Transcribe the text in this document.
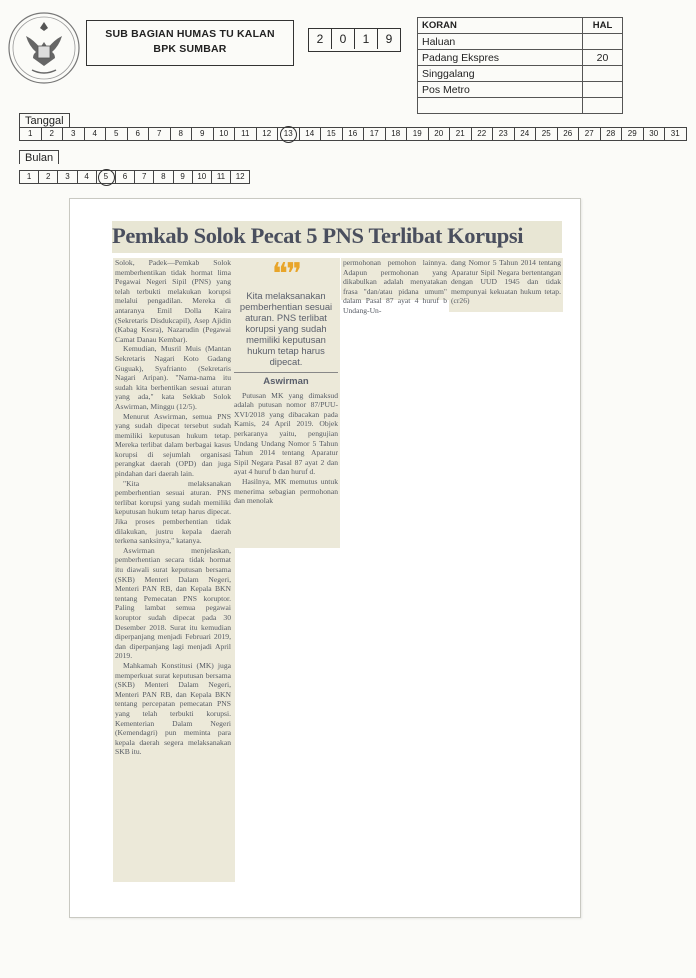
SUB BAGIAN HUMAS TU KALAN
BPK SUMBAR
2	0	1	9
KORAN	HAL
Haluan	
Padang Ekspres	20
Singgalang	
Pos Metro	

Tanggal
1	2	3	4	5	6	7	8	9	10	11	12	13	14	15	16	17	18	19	20	21	22	23	24	25	26	27	28	29	30	31
Bulan
1	2	3	4	5	6	7	8	9	10	11	12
Pemkab Solok Pecat 5 PNS Terlibat Korupsi

Solok, Padek—Pemkab Solok memberhentikan tidak hormat lima Pegawai Negeri Sipil (PNS) yang telah terbukti melakukan korupsi melalui pengadilan. Mereka di antaranya Emil Dolla Kaira (Sekretaris Disdukcapil), Asep Ajidin (Kabag Kesra), Nazarudin (Pegawai Camat Danau Kembar).

Kemudian, Musril Muis (Mantan Sekretaris Nagari Koto Gadang Guguak), Syafrianto (Sekretaris Nagari Aripan). "Nama-nama itu sudah kita berhentikan sesuai aturan yang ada," kata Sekkab Solok Aswirman, Minggu (12/5).

Menurut Aswirman, semua PNS yang sudah dipecat tersebut sudah memiliki keputusan hukum tetap. Mereka terlibat dalam berbagai kasus korupsi di sejumlah organisasi perangkat daerah (OPD) dan juga pindahan dari daerah lain.

"Kita melaksanakan pemberhentian sesuai aturan. PNS terlibat korupsi yang sudah memiliki keputusan hukum tetap harus dipecat. Jika proses pemberhentian tidak dilakukan, justru kepala daerah terkena sanksinya," katanya.

Aswirman menjelaskan, pemberhentian secara tidak hormat itu diawali surat keputusan bersama (SKB) Menteri Dalam Negeri, Menteri PAN RB, dan Kepala BKN tentang Pemecatan PNS koruptor. Paling lambat semua pegawai koruptor sudah dipecat pada 30 Desember 2018. Surat itu kemudian diperpanjang menjadi Februari 2019, dan diperpanjang lagi menjadi April 2019.

Mahkamah Konstitusi (MK) juga memperkuat surat keputusan bersama (SKB) Menteri Dalam Negeri, Menteri PAN RB, dan Kepala BKN tentang percepatan pemecatan PNS yang telah terbukti korupsi. Kementerian Dalam Negeri (Kemendagri) pun meminta para kepala daerah segera melaksanakan SKB itu.

❝❞

Kita melaksanakan pemberhentian sesuai aturan. PNS terlibat korupsi yang sudah memiliki keputusan hukum tetap harus dipecat.

Aswirman

Putusan MK yang dimaksud adalah putusan nomor 87/PUU-XVI/2018 yang dibacakan pada Kamis, 24 April 2019. Objek perkaranya yaitu, pengujian Undang Undang Nomor 5 Tahun Tahun 2014 tentang Aparatur Sipil Negara Pasal 87 ayat 2 dan ayat 4 huruf b dan huruf d.

Hasilnya, MK memutus untuk menerima sebagian permohonan dan menolak

permohonan pemohon lainnya. Adapun permohonan yang dikabulkan adalah menyatakan frasa "dan/atau pidana umum" dalam Pasal 87 ayat 4 huruf b Undang-Un-

dang Nomor 5 Tahun 2014 tentang Aparatur Sipil Negara bertentangan dengan UUD 1945 dan tidak mempunyai kekuatan hukum tetap. (cr26)
